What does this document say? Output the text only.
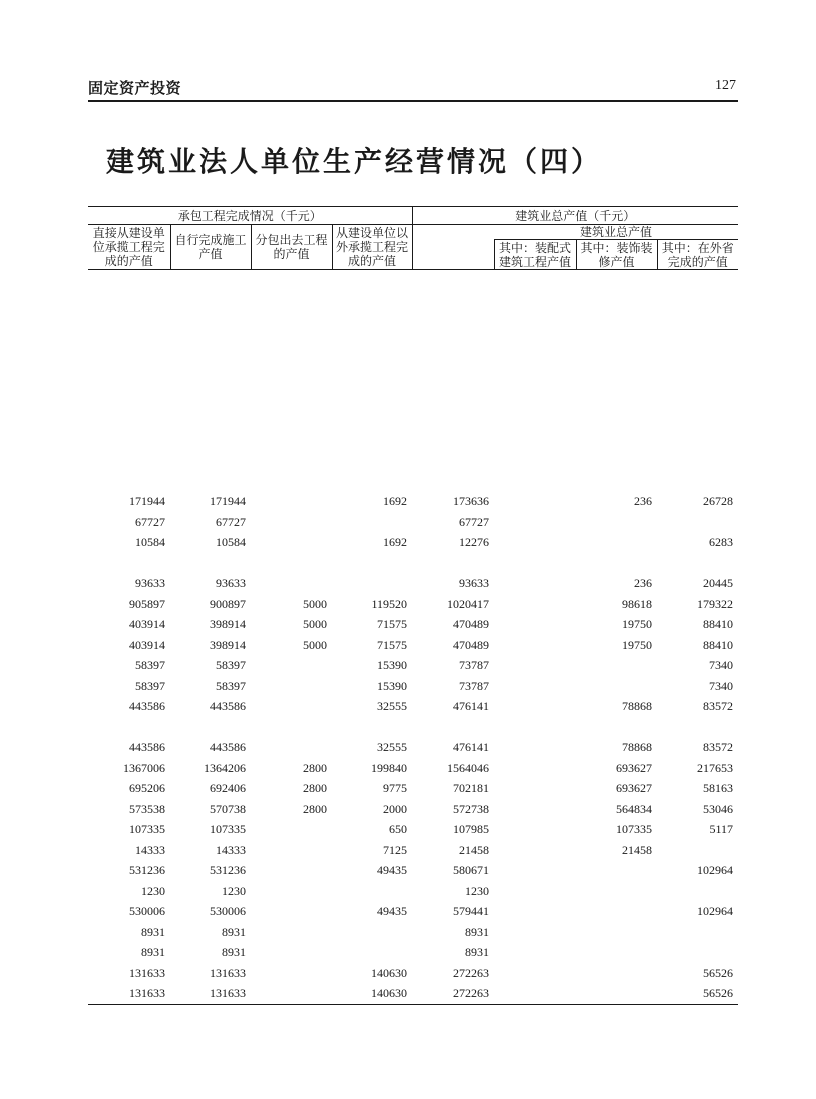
固定资产投资	127
建筑业法人单位生产经营情况（四）
承包工程完成情况（千元）				建筑业总产值（千元）			
直接从建设单位承揽工程完成的产值	自行完成施工产值	分包出去工程的产值	从建设单位以外承揽工程完成的产值		建筑业总产值		
					其中：装配式建筑工程产值	其中：装饰装修产值	其中：在外省完成的产值

171944	171944		1692	173636		236	26728
67727	67727			67727			
10584	10584		1692	12276			6283

93633	93633			93633		236	20445
905897	900897	5000	119520	1020417		98618	179322
403914	398914	5000	71575	470489		19750	88410
403914	398914	5000	71575	470489		19750	88410
58397	58397		15390	73787			7340
58397	58397		15390	73787			7340
443586	443586		32555	476141		78868	83572

443586	443586		32555	476141		78868	83572
1367006	1364206	2800	199840	1564046		693627	217653
695206	692406	2800	9775	702181		693627	58163
573538	570738	2800	2000	572738		564834	53046
107335	107335		650	107985		107335	5117
14333	14333		7125	21458		21458	
531236	531236		49435	580671			102964
1230	1230			1230			
530006	530006		49435	579441			102964
8931	8931			8931			
8931	8931			8931			
131633	131633		140630	272263			56526
131633	131633		140630	272263			56526
